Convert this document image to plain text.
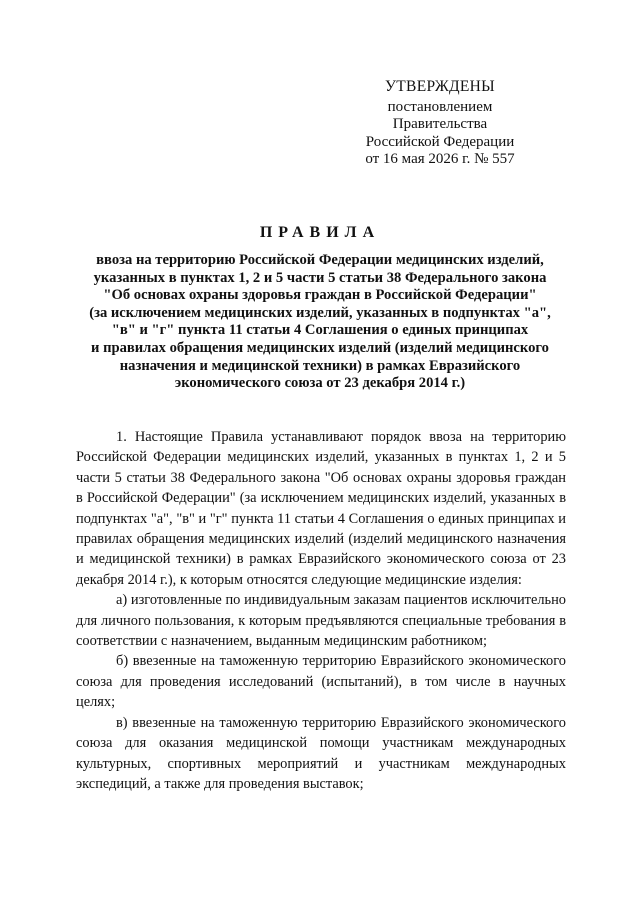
УТВЕРЖДЕНЫ
постановлением Правительства
Российской Федерации
от 16 мая 2026 г. № 557
ПРАВИЛА
ввоза на территорию Российской Федерации медицинских изделий,
указанных в пунктах 1, 2 и 5 части 5 статьи 38 Федерального закона
"Об основах охраны здоровья граждан в Российской Федерации"
(за исключением медицинских изделий, указанных в подпунктах "а",
"в" и "г" пункта 11 статьи 4 Соглашения о единых принципах
и правилах обращения медицинских изделий (изделий медицинского
назначения и медицинской техники) в рамках Евразийского
экономического союза от 23 декабря 2014 г.)

1. Настоящие Правила устанавливают порядок ввоза на территорию Российской Федерации медицинских изделий, указанных в пунктах 1, 2 и 5 части 5 статьи 38 Федерального закона "Об основах охраны здоровья граждан в Российской Федерации" (за исключением медицинских изделий, указанных в подпунктах "а", "в" и "г" пункта 11 статьи 4 Соглашения о единых принципах и правилах обращения медицинских изделий (изделий медицинского назначения и медицинской техники) в рамках Евразийского экономического союза от 23 декабря 2014 г.), к которым относятся следующие медицинские изделия:

а) изготовленные по индивидуальным заказам пациентов исключительно для личного пользования, к которым предъявляются специальные требования в соответствии с назначением, выданным медицинским работником;

б) ввезенные на таможенную территорию Евразийского экономического союза для проведения исследований (испытаний), в том числе в научных целях;

в) ввезенные на таможенную территорию Евразийского экономического союза для оказания медицинской помощи участникам международных культурных, спортивных мероприятий и участникам международных экспедиций, а также для проведения выставок;
